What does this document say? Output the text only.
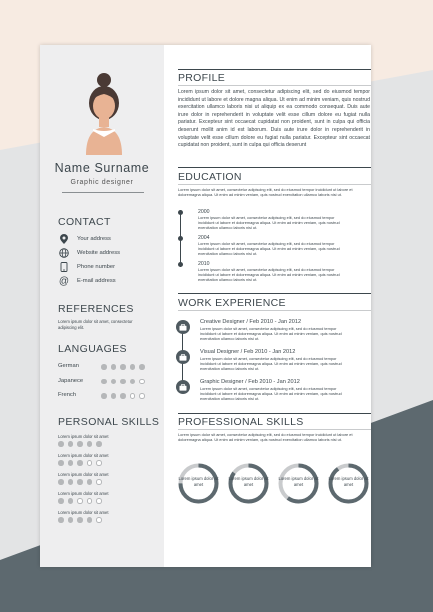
Name Surname
Graphic designer
CONTACT
Your address
Website address
Phone number
@ E-mail address
REFERENCES
Lorem ipsum dolor sit amet, consectetur adipiscing elit.
LANGUAGES
German
Japanece
French
PERSONAL SKILLS
Lorem ipsum dolor sit amet
Lorem ipsum dolor sit amet
Lorem ipsum dolor sit amet
Lorem ipsum dolor sit amet
Lorem ipsum dolor sit amet
PROFILE
Lorem ipsum dolor sit amet, consectetur adipiscing elit, sed do eiusmod tempor incididunt ut labore et dolore magna aliqua. Ut enim ad minim veniam, quis nostrud exercitation ullamco laboris nisi ut aliquip ex ea commodo consequat. Duis aute irure dolor in reprehenderit in voluptate velit esse cillum dolore eu fugiat nulla pariatur. Excepteur sint occaecat cupidatat non proident, sunt in culpa qui officia deserunt mollit anim id est laborum. Duis aute irure dolor in reprehenderit in voluptate velit esse cillum dolore eu fugiat nulla pariatur. Excepteur sint occaecat cupidatat non proident, sunt in culpa qui officia deserunt
EDUCATION
Lorem ipsum dolor sit amet, consectetur adipiscing elit, sed do eiusmod tempor incididunt ut labore et doloremagna aliqua. Ut enim ad minim veniam, quis nostrud exercitation ullamco laboris nisi ut.
2000
Lorem ipsum dolor sit amet, consectetur adipiscing elit, sed do eiusmod tempor incididunt ut labore et doloremagna aliqua. Ut enim ad minim veniam, quis nostrud exercitation ullamco laboris nisi ut.
2004
Lorem ipsum dolor sit amet, consectetur adipiscing elit, sed do eiusmod tempor incididunt ut labore et doloremagna aliqua. Ut enim ad minim veniam, quis nostrud exercitation ullamco laboris nisi ut.
2010
Lorem ipsum dolor sit amet, consectetur adipiscing elit, sed do eiusmod tempor incididunt ut labore et doloremagna aliqua. Ut enim ad minim veniam, quis nostrud exercitation ullamco laboris nisi ut.
WORK EXPERIENCE
Creative Designer / Feb 2010 - Jan 2012
Lorem ipsum dolor sit amet, consectetur adipiscing elit, sed do eiusmod tempor incididunt ut labore et doloremagna aliqua. Ut enim ad minim veniam, quis nostrud exercitation ullamco laboris nisi ut.
Visual Designer / Feb 2010 - Jan 2012
Lorem ipsum dolor sit amet, consectetur adipiscing elit, sed do eiusmod tempor incididunt ut labore et doloremagna aliqua. Ut enim ad minim veniam, quis nostrud exercitation ullamco laboris nisi ut.
Graphic Designer / Feb 2010 - Jan 2012
Lorem ipsum dolor sit amet, consectetur adipiscing elit, sed do eiusmod tempor incididunt ut labore et doloremagna aliqua. Ut enim ad minim veniam, quis nostrud exercitation ullamco laboris nisi ut.
PROFESSIONAL SKILLS
Lorem ipsum dolor sit amet, consectetur adipiscing elit, sed do eiusmod tempor incididunt ut labore et doloremagna aliqua. Ut enim ad minim veniam, quis nostrud exercitation ullamco laboris nisi ut.
Lorem ipsum dolor sit amet
Lorem ipsum dolor sit amet
Lorem ipsum dolor sit amet
Lorem ipsum dolor sit amet
